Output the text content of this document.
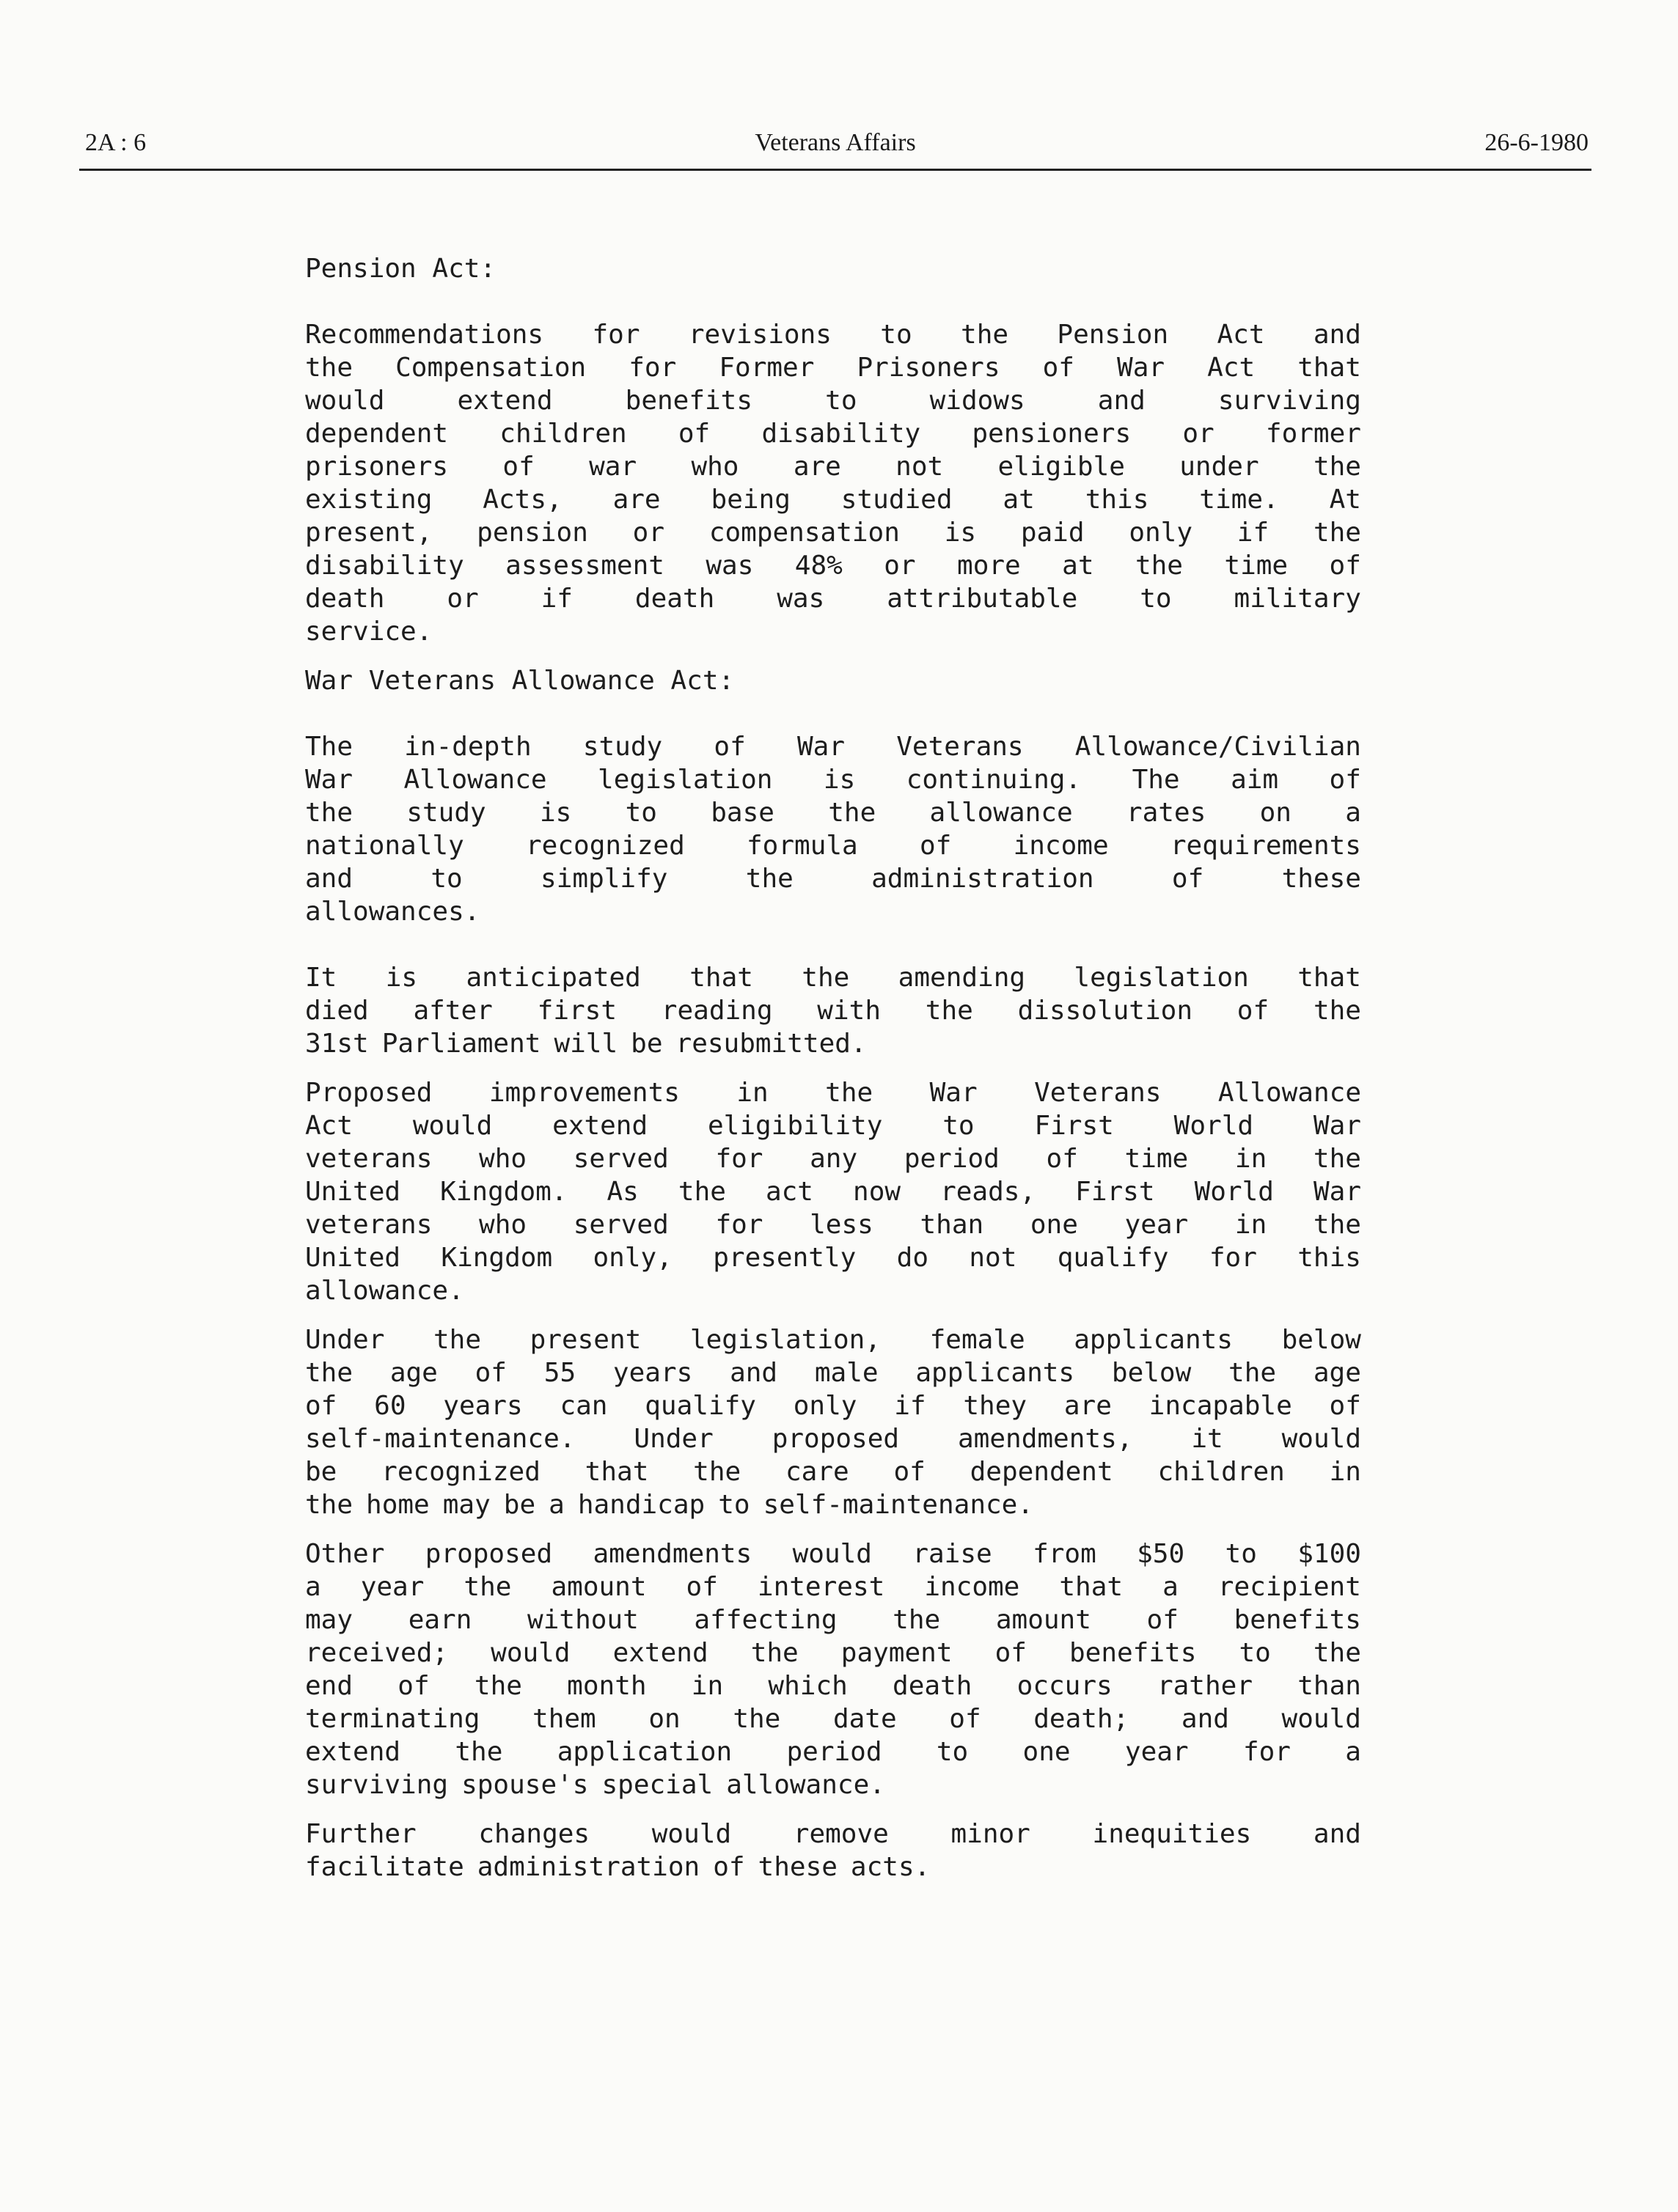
2A : 6	Veterans Affairs	26-6-1980
Pension Act:
Recommendations for revisions to the Pension Act and
the Compensation for Former Prisoners of War Act that
would	extend	benefits	to	widows	and	surviving
dependent children of disability pensioners or former
prisoners of war who are not eligible under the
existing Acts, are being studied at this time. At
present, pension or compensation is paid only if the
disability assessment was 48% or more at the time of
death or if death was attributable to military
service.
War Veterans Allowance Act:
The in-depth study of War Veterans Allowance/Civilian
War Allowance legislation is continuing. The aim of
the study is to base the allowance rates on a
nationally recognized formula of income requirements
and	to	simplify	the	administration	of	these
allowances.
It is anticipated that the amending legislation that
died after first reading with the dissolution of the
31st Parliament will be resubmitted.
Proposed improvements in the War Veterans Allowance
Act would extend eligibility to First World War
veterans who served for any period of time in the
United Kingdom. As the act now reads, First World War
veterans who served for less than one year in the
United Kingdom only, presently do not qualify for this
allowance.
Under the present legislation, female applicants below
the age of 55 years and male applicants below the age
of 60 years can qualify only if they are incapable of
self-maintenance. Under proposed amendments, it would
be recognized that the care of dependent children in
the home may be a handicap to self-maintenance.
Other proposed amendments would raise from $50 to $100
a year the amount of interest income that a recipient
may earn without affecting the amount of benefits
received; would extend the payment of benefits to the
end of the month in which death occurs rather than
terminating them on the date of death; and would
extend the application period to one year for a
surviving spouse's special allowance.
Further changes would remove minor inequities and
facilitate administration of these acts.
